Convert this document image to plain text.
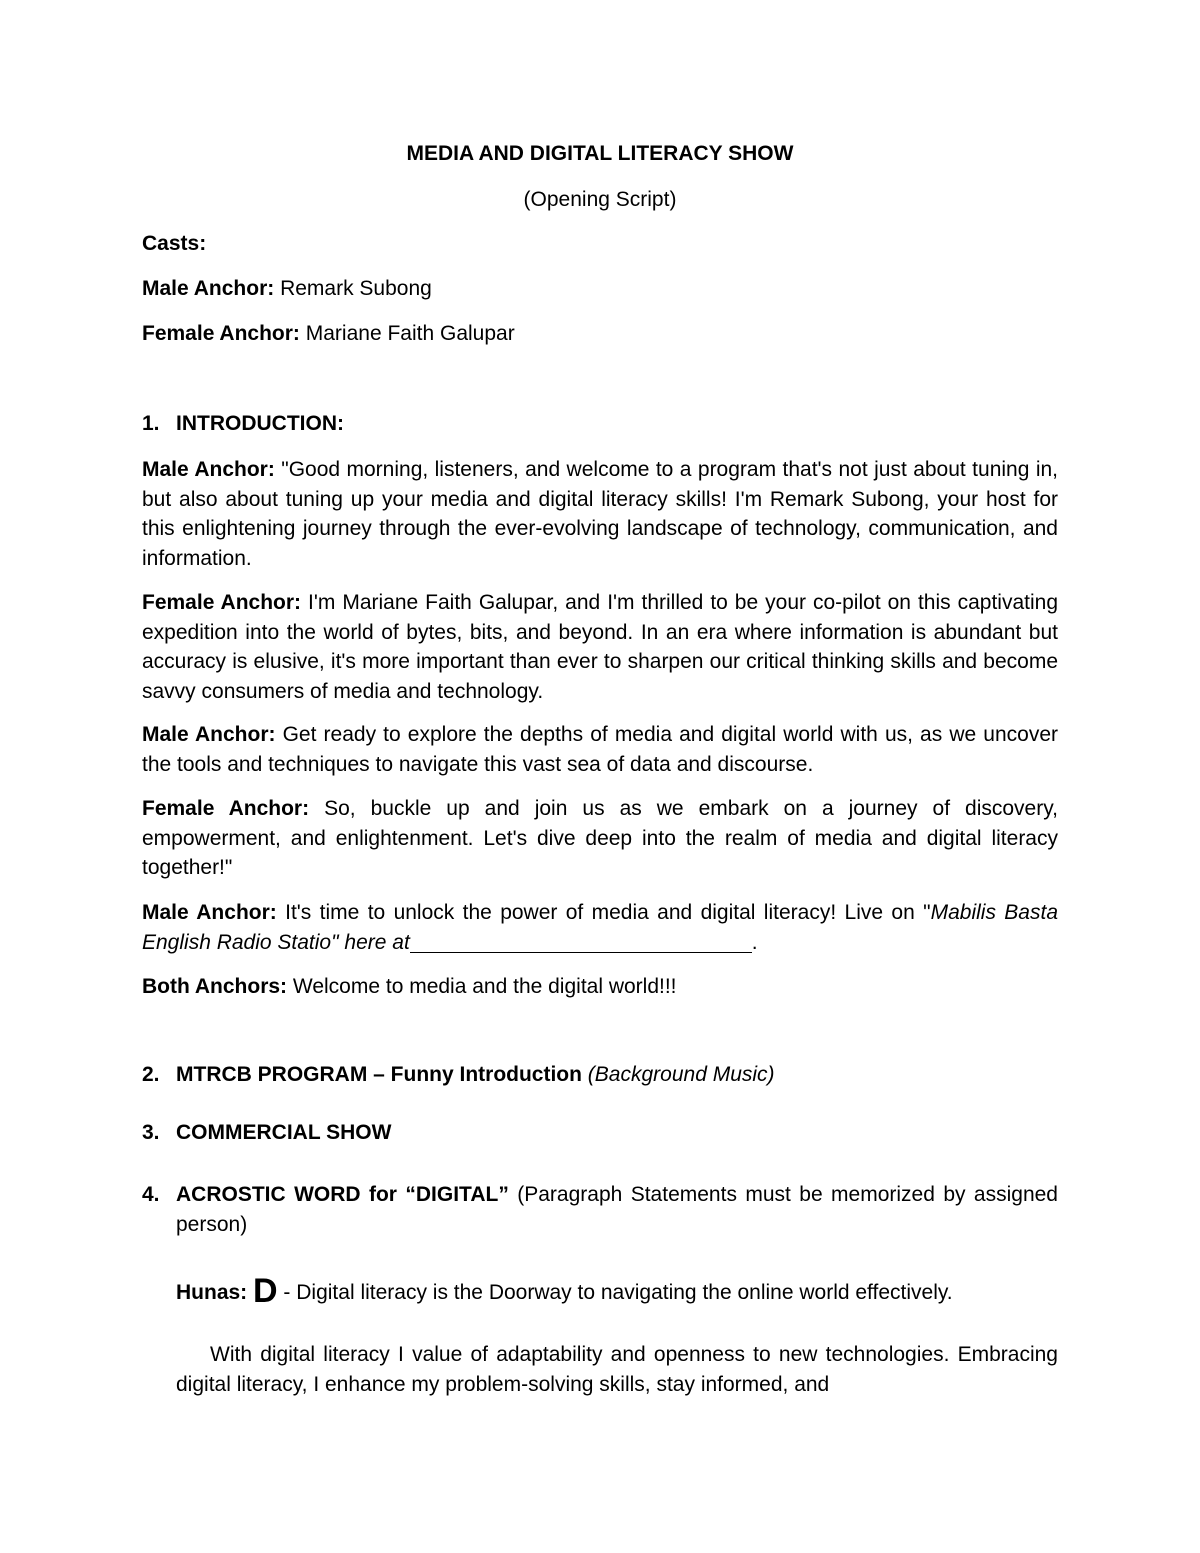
MEDIA AND DIGITAL LITERACY SHOW
(Opening Script)
Casts:
Male Anchor: Remark Subong
Female Anchor: Mariane Faith Galupar
1. INTRODUCTION:
Male Anchor: "Good morning, listeners, and welcome to a program that's not just about tuning in, but also about tuning up your media and digital literacy skills! I'm Remark Subong, your host for this enlightening journey through the ever-evolving landscape of technology, communication, and information.
Female Anchor: I'm Mariane Faith Galupar, and I'm thrilled to be your co-pilot on this captivating expedition into the world of bytes, bits, and beyond. In an era where information is abundant but accuracy is elusive, it's more important than ever to sharpen our critical thinking skills and become savvy consumers of media and technology.
Male Anchor: Get ready to explore the depths of media and digital world with us, as we uncover the tools and techniques to navigate this vast sea of data and discourse.
Female Anchor: So, buckle up and join us as we embark on a journey of discovery, empowerment, and enlightenment. Let's dive deep into the realm of media and digital literacy together!"
Male Anchor: It's time to unlock the power of media and digital literacy! Live on "Mabilis Basta English Radio Statio" here at	.
Both Anchors: Welcome to media and the digital world!!!
2. MTRCB PROGRAM – Funny Introduction (Background Music)
3. COMMERCIAL SHOW
4. ACROSTIC WORD for “DIGITAL” (Paragraph Statements must be memorized by assigned person)
Hunas: D - Digital literacy is the Doorway to navigating the online world effectively.
With digital literacy I value of adaptability and openness to new technologies. Embracing digital literacy, I enhance my problem-solving skills, stay informed, and
